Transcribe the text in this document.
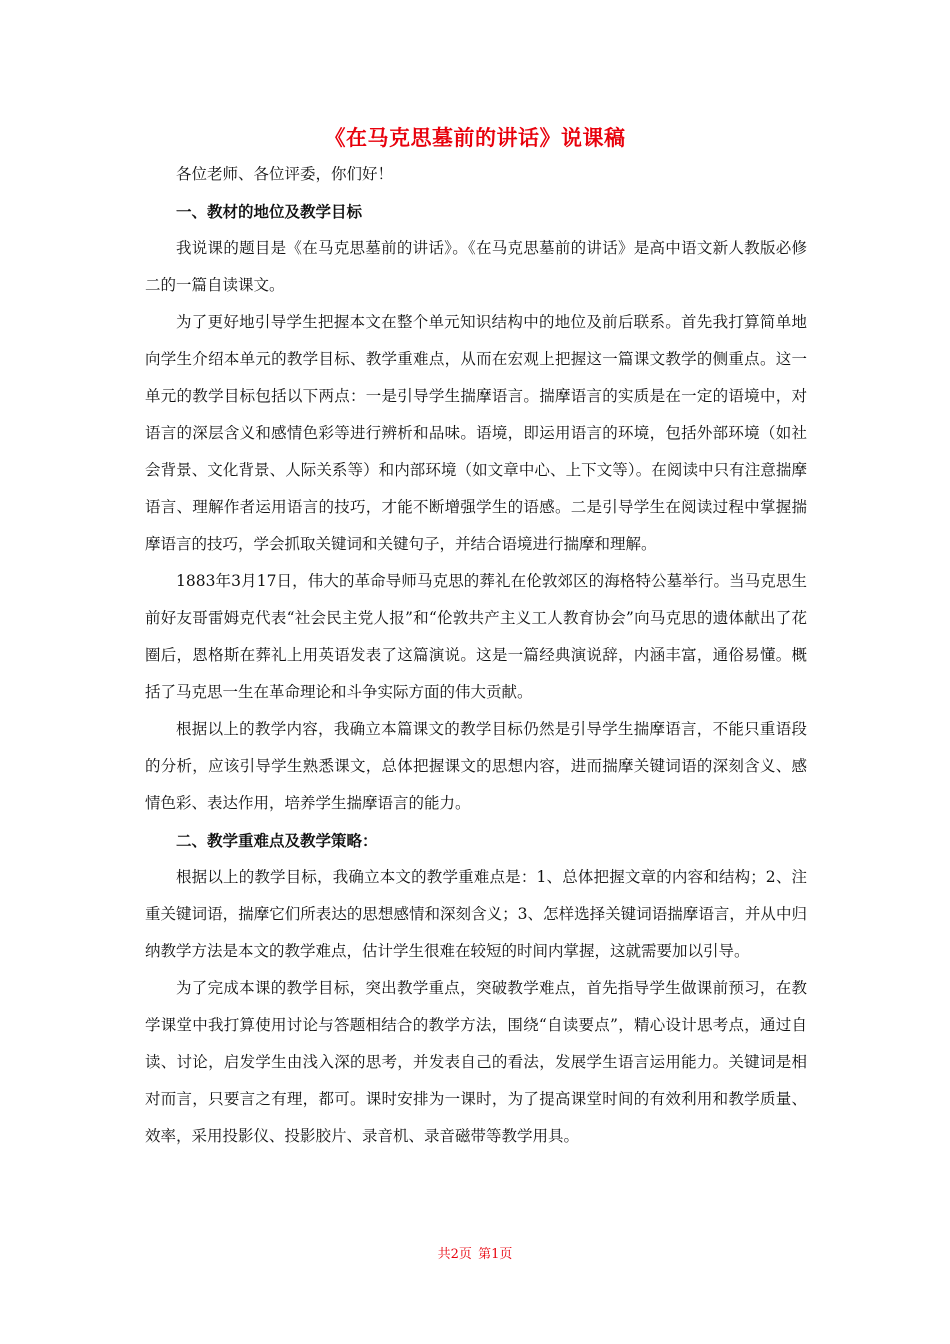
《在马克思墓前的讲话》说课稿

各位老师、各位评委，你们好！

一、教材的地位及教学目标

我说课的题目是《在马克思墓前的讲话》。《在马克思墓前的讲话》是高中语文新人教版必修二的一篇自读课文。

为了更好地引导学生把握本文在整个单元知识结构中的地位及前后联系。首先我打算简单地向学生介绍本单元的教学目标、教学重难点，从而在宏观上把握这一篇课文教学的侧重点。这一单元的教学目标包括以下两点：一是引导学生揣摩语言。揣摩语言的实质是在一定的语境中，对语言的深层含义和感情色彩等进行辨析和品味。语境，即运用语言的环境，包括外部环境（如社会背景、文化背景、人际关系等）和内部环境（如文章中心、上下文等）。在阅读中只有注意揣摩语言、理解作者运用语言的技巧，才能不断增强学生的语感。二是引导学生在阅读过程中掌握揣摩语言的技巧，学会抓取关键词和关键句子，并结合语境进行揣摩和理解。

1883年3月17日，伟大的革命导师马克思的葬礼在伦敦郊区的海格特公墓举行。当马克思生前好友哥雷姆克代表“社会民主党人报”和“伦敦共产主义工人教育协会”向马克思的遗体献出了花圈后，恩格斯在葬礼上用英语发表了这篇演说。这是一篇经典演说辞，内涵丰富，通俗易懂。概括了马克思一生在革命理论和斗争实际方面的伟大贡献。

根据以上的教学内容，我确立本篇课文的教学目标仍然是引导学生揣摩语言，不能只重语段的分析，应该引导学生熟悉课文，总体把握课文的思想内容，进而揣摩关键词语的深刻含义、感情色彩、表达作用，培养学生揣摩语言的能力。

二、教学重难点及教学策略：

根据以上的教学目标，我确立本文的教学重难点是：1、总体把握文章的内容和结构；2、注重关键词语，揣摩它们所表达的思想感情和深刻含义；3、怎样选择关键词语揣摩语言，并从中归纳教学方法是本文的教学难点，估计学生很难在较短的时间内掌握，这就需要加以引导。

为了完成本课的教学目标，突出教学重点，突破教学难点，首先指导学生做课前预习，在教学课堂中我打算使用讨论与答题相结合的教学方法，围绕“自读要点”，精心设计思考点，通过自读、讨论，启发学生由浅入深的思考，并发表自己的看法，发展学生语言运用能力。关键词是相对而言，只要言之有理，都可。课时安排为一课时，为了提高课堂时间的有效利用和教学质量、效率，采用投影仪、投影胶片、录音机、录音磁带等教学用具。

共2页 第1页
